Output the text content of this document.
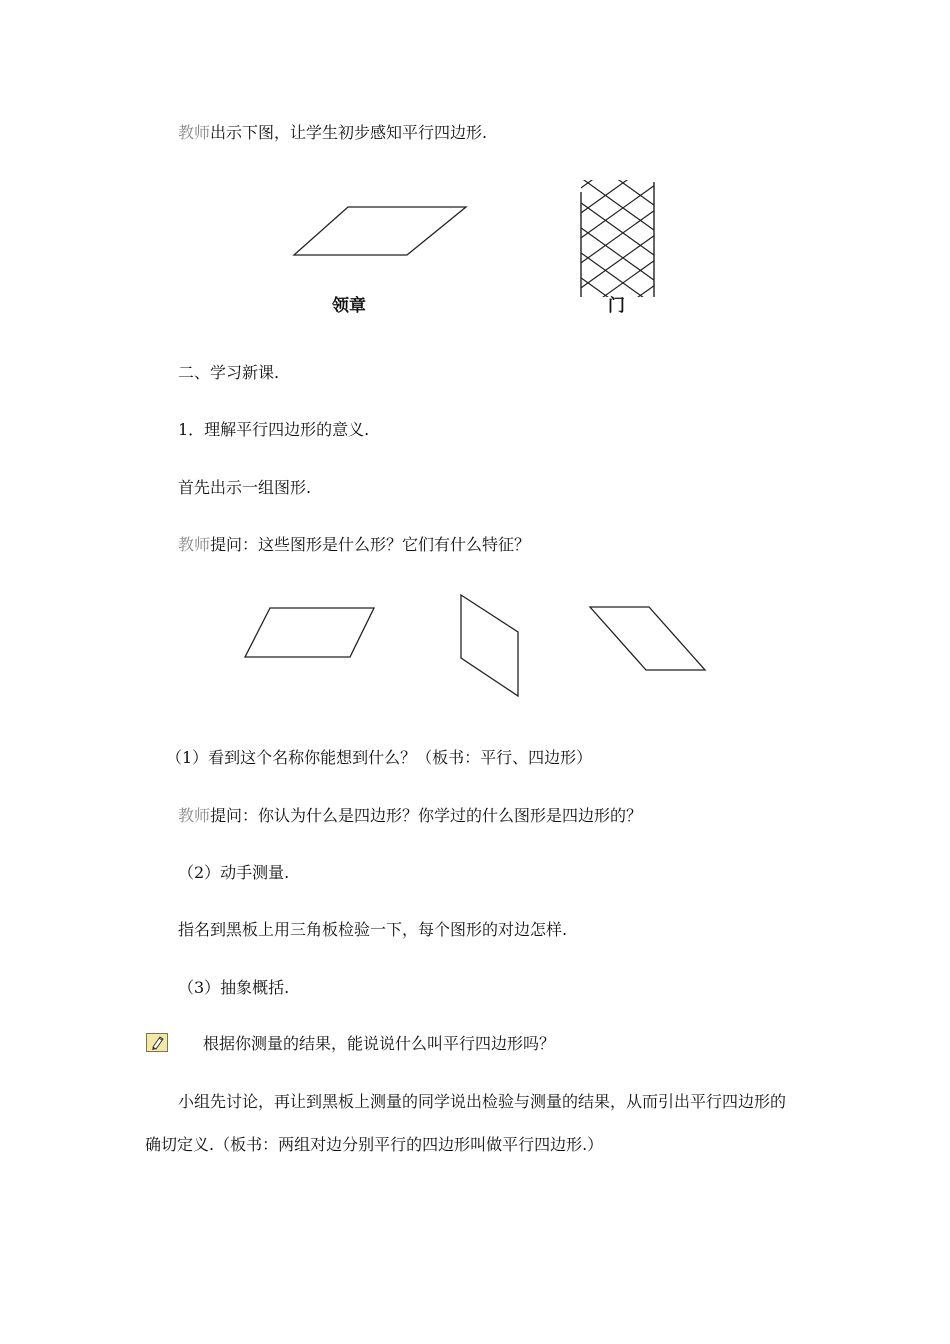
教师出示下图，让学生初步感知平行四边形.
领章	门
二、学习新课.
1．理解平行四边形的意义.
首先出示一组图形.
教师提问：这些图形是什么形？它们有什么特征？
（1）看到这个名称你能想到什么？（板书：平行、四边形）
教师提问：你认为什么是四边形？你学过的什么图形是四边形的？
（2）动手测量.
指名到黑板上用三角板检验一下，每个图形的对边怎样.
（3）抽象概括.
根据你测量的结果，能说说什么叫平行四边形吗？
小组先讨论，再让到黑板上测量的同学说出检验与测量的结果，从而引出平行四边形的
确切定义.（板书：两组对边分别平行的四边形叫做平行四边形.）
